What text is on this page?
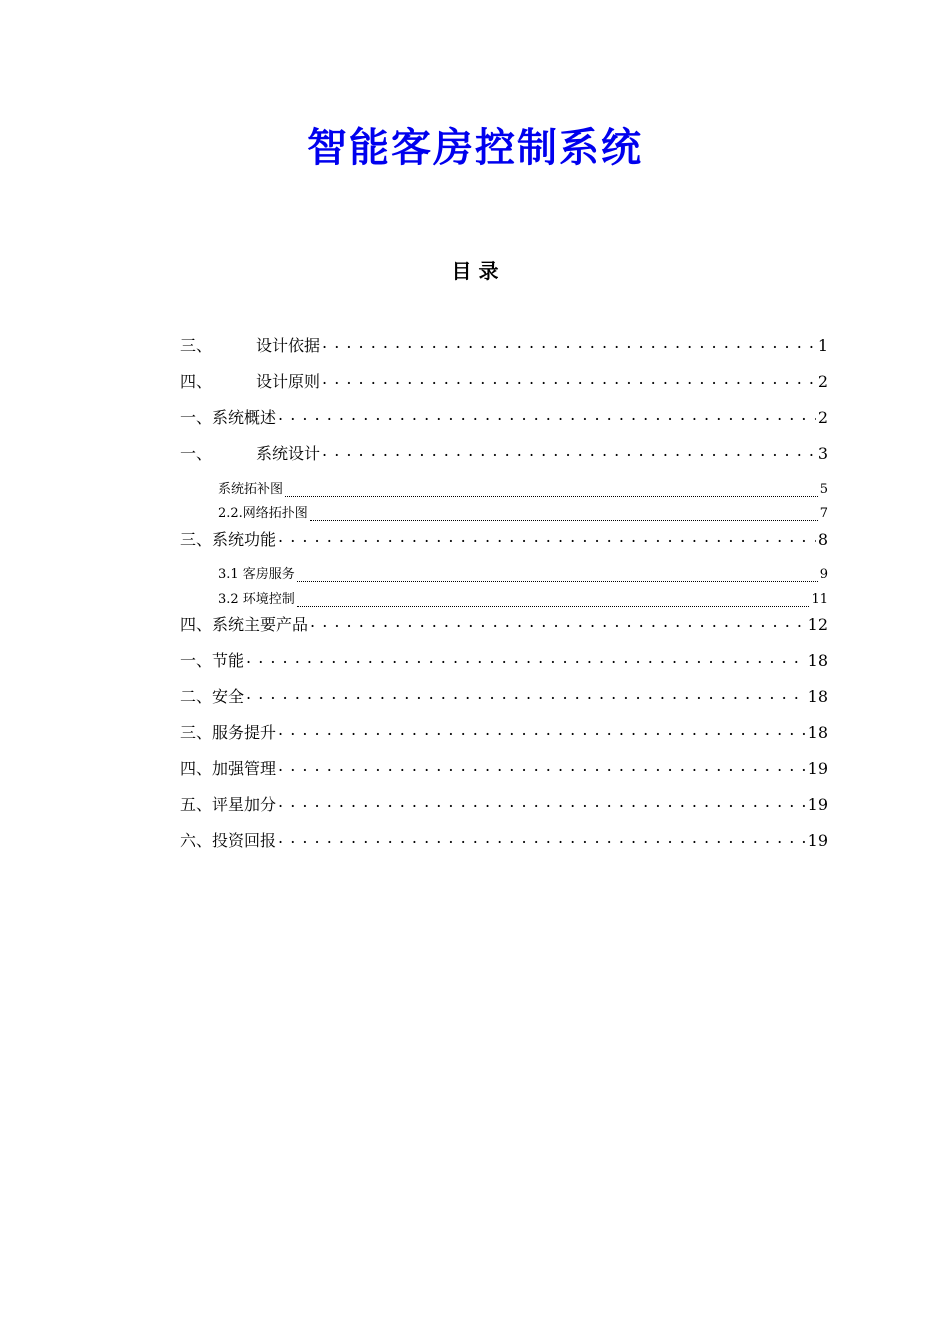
智能客房控制系统
目 录
三、	设计依据 . . .	1
四、	设计原则 . . .	2
一、系统概述 . . .	2
一、	系统设计 . . .	3
系统拓补图	5
2.2.网络拓扑图	7
三、系统功能 . . .	8
3.1 客房服务	9
3.2 环境控制	11
四、系统主要产品 . . .	12
一、节能 . . .	18
二、安全 . . .	18
三、服务提升 . . .	18
四、加强管理 . . .	19
五、评星加分 . . .	19
六、投资回报 . . .	19
